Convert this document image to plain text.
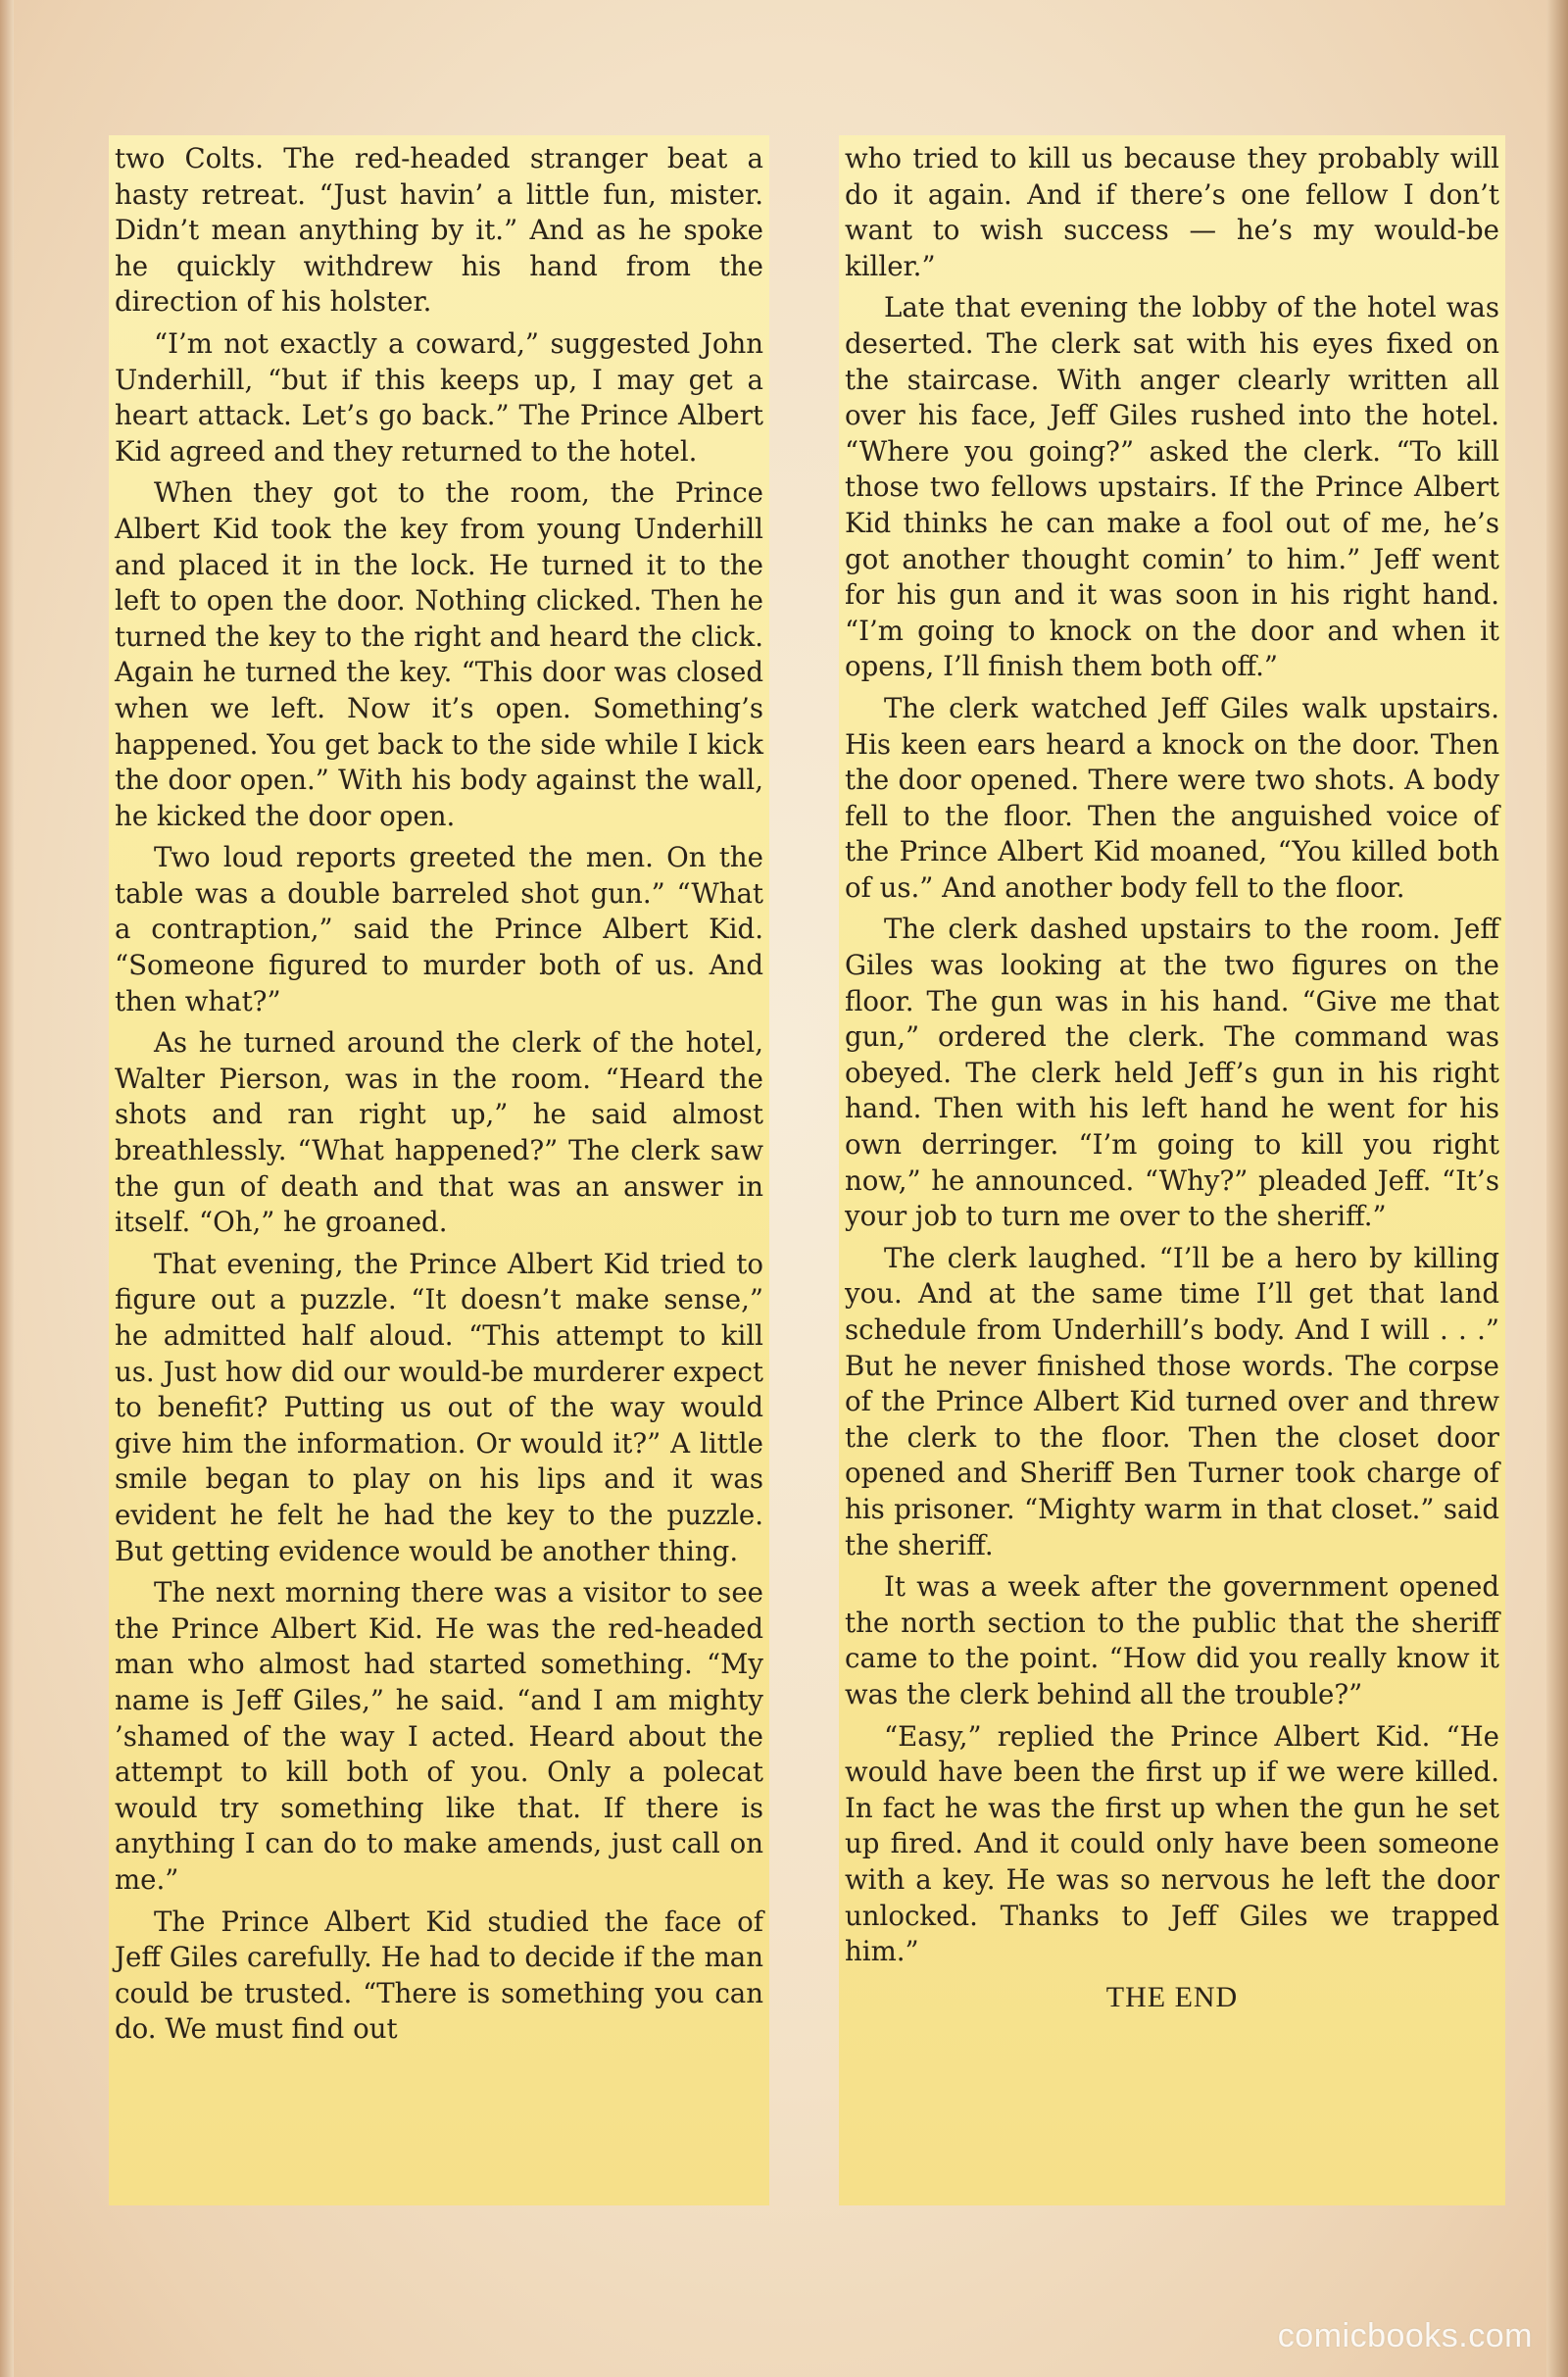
two Colts. The red-headed stranger beat a hasty retreat. “Just havin’ a little fun, mister. Didn’t mean anything by it.” And as he spoke he quickly withdrew his hand from the direction of his holster.

“I’m not exactly a coward,” suggested John Underhill, “but if this keeps up, I may get a heart attack. Let’s go back.” The Prince Albert Kid agreed and they returned to the hotel.

When they got to the room, the Prince Albert Kid took the key from young Underhill and placed it in the lock. He turned it to the left to open the door. Nothing clicked. Then he turned the key to the right and heard the click. Again he turned the key. “This door was closed when we left. Now it’s open. Something’s happened. You get back to the side while I kick the door open.” With his body against the wall, he kicked the door open.

Two loud reports greeted the men. On the table was a double barreled shot gun.” “What a contraption,” said the Prince Albert Kid. “Someone figured to murder both of us. And then what?”

As he turned around the clerk of the hotel, Walter Pierson, was in the room. “Heard the shots and ran right up,” he said almost breathlessly. “What happened?” The clerk saw the gun of death and that was an answer in itself. “Oh,” he groaned.

That evening, the Prince Albert Kid tried to figure out a puzzle. “It doesn’t make sense,” he admitted half aloud. “This attempt to kill us. Just how did our would-be murderer expect to benefit? Putting us out of the way would give him the information. Or would it?” A little smile began to play on his lips and it was evident he felt he had the key to the puzzle. But getting evidence would be another thing.

The next morning there was a visitor to see the Prince Albert Kid. He was the red-headed man who almost had started something. “My name is Jeff Giles,” he said. “and I am mighty ’shamed of the way I acted. Heard about the attempt to kill both of you. Only a polecat would try something like that. If there is anything I can do to make amends, just call on me.”

The Prince Albert Kid studied the face of Jeff Giles carefully. He had to decide if the man could be trusted. “There is something you can do. We must find out

who tried to kill us because they probably will do it again. And if there’s one fellow I don’t want to wish success — he’s my would-be killer.”

Late that evening the lobby of the hotel was deserted. The clerk sat with his eyes fixed on the staircase. With anger clearly written all over his face, Jeff Giles rushed into the hotel. “Where you going?” asked the clerk. “To kill those two fellows upstairs. If the Prince Albert Kid thinks he can make a fool out of me, he’s got another thought comin’ to him.” Jeff went for his gun and it was soon in his right hand. “I’m going to knock on the door and when it opens, I’ll finish them both off.”

The clerk watched Jeff Giles walk upstairs. His keen ears heard a knock on the door. Then the door opened. There were two shots. A body fell to the floor. Then the anguished voice of the Prince Albert Kid moaned, “You killed both of us.” And another body fell to the floor.

The clerk dashed upstairs to the room. Jeff Giles was looking at the two figures on the floor. The gun was in his hand. “Give me that gun,” ordered the clerk. The command was obeyed. The clerk held Jeff’s gun in his right hand. Then with his left hand he went for his own derringer. “I’m going to kill you right now,” he announced. “Why?” pleaded Jeff. “It’s your job to turn me over to the sheriff.”

The clerk laughed. “I’ll be a hero by killing you. And at the same time I’ll get that land schedule from Underhill’s body. And I will . . .” But he never finished those words. The corpse of the Prince Albert Kid turned over and threw the clerk to the floor. Then the closet door opened and Sheriff Ben Turner took charge of his prisoner. “Mighty warm in that closet.” said the sheriff.

It was a week after the government opened the north section to the public that the sheriff came to the point. “How did you really know it was the clerk behind all the trouble?”

“Easy,” replied the Prince Albert Kid. “He would have been the first up if we were killed. In fact he was the first up when the gun he set up fired. And it could only have been someone with a key. He was so nervous he left the door unlocked. Thanks to Jeff Giles we trapped him.”

THE END
comicbooks.com
